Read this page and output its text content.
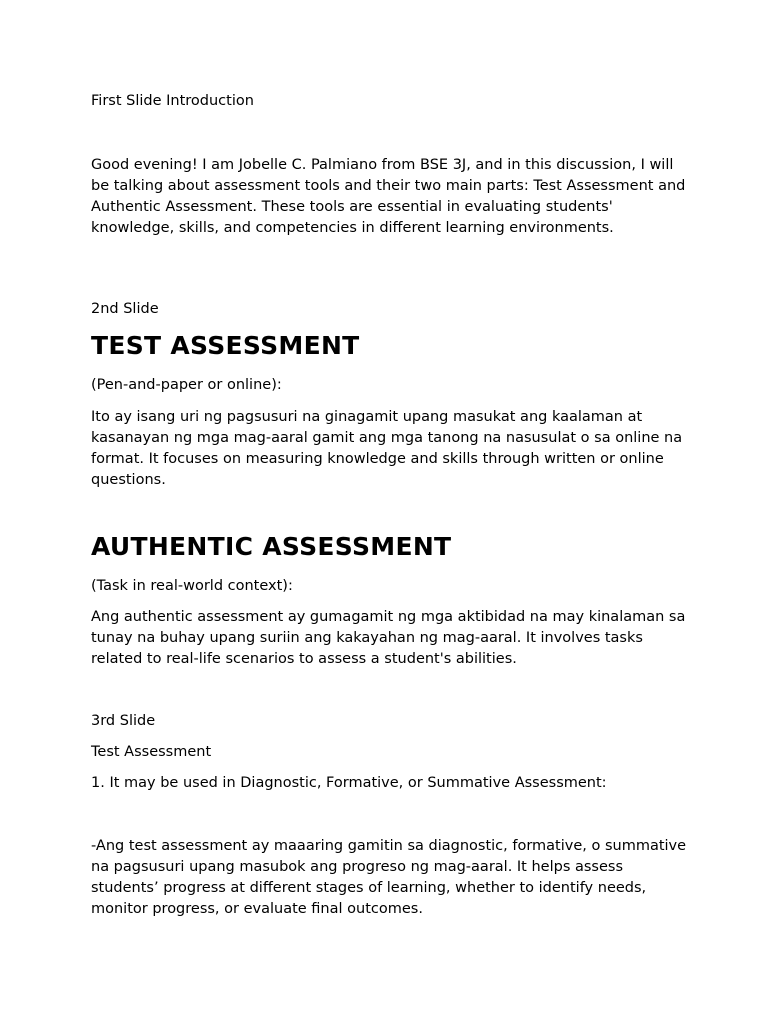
First Slide Introduction
Good evening! I am Jobelle C. Palmiano from BSE 3J, and in this discussion, I will be talking about assessment tools and their two main parts: Test Assessment and Authentic Assessment. These tools are essential in evaluating students' knowledge, skills, and competencies in different learning environments.
2nd Slide
TEST ASSESSMENT
(Pen-and-paper or online):
Ito ay isang uri ng pagsusuri na ginagamit upang masukat ang kaalaman at kasanayan ng mga mag-aaral gamit ang mga tanong na nasusulat o sa online na format. It focuses on measuring knowledge and skills through written or online questions.
AUTHENTIC ASSESSMENT
(Task in real-world context):
Ang authentic assessment ay gumagamit ng mga aktibidad na may kinalaman sa tunay na buhay upang suriin ang kakayahan ng mag-aaral. It involves tasks related to real-life scenarios to assess a student's abilities.
3rd Slide
Test Assessment
1. It may be used in Diagnostic, Formative, or Summative Assessment:
-Ang test assessment ay maaaring gamitin sa diagnostic, formative, o summative na pagsusuri upang masubok ang progreso ng mag-aaral. It helps assess students’ progress at different stages of learning, whether to identify needs, monitor progress, or evaluate final outcomes.
